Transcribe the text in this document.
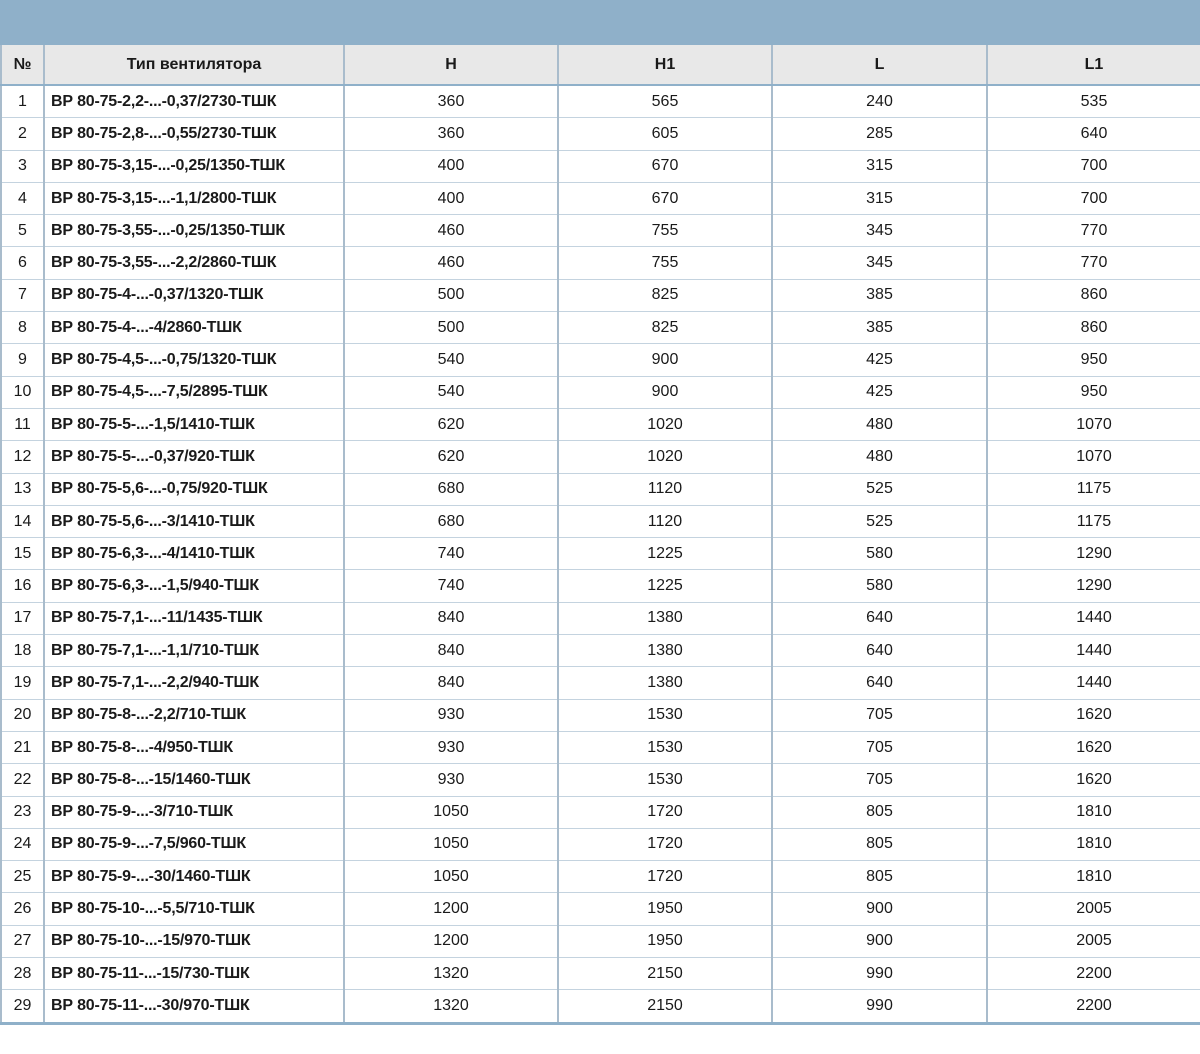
№	Тип вентилятора	H	H1	L	L1
1	ВР 80-75-2,2-...-0,37/2730-ТШК	360	565	240	535
2	ВР 80-75-2,8-...-0,55/2730-ТШК	360	605	285	640
3	ВР 80-75-3,15-...-0,25/1350-ТШК	400	670	315	700
4	ВР 80-75-3,15-...-1,1/2800-ТШК	400	670	315	700
5	ВР 80-75-3,55-...-0,25/1350-ТШК	460	755	345	770
6	ВР 80-75-3,55-...-2,2/2860-ТШК	460	755	345	770
7	ВР 80-75-4-...-0,37/1320-ТШК	500	825	385	860
8	ВР 80-75-4-...-4/2860-ТШК	500	825	385	860
9	ВР 80-75-4,5-...-0,75/1320-ТШК	540	900	425	950
10	ВР 80-75-4,5-...-7,5/2895-ТШК	540	900	425	950
11	ВР 80-75-5-...-1,5/1410-ТШК	620	1020	480	1070
12	ВР 80-75-5-...-0,37/920-ТШК	620	1020	480	1070
13	ВР 80-75-5,6-...-0,75/920-ТШК	680	1120	525	1175
14	ВР 80-75-5,6-...-3/1410-ТШК	680	1120	525	1175
15	ВР 80-75-6,3-...-4/1410-ТШК	740	1225	580	1290
16	ВР 80-75-6,3-...-1,5/940-ТШК	740	1225	580	1290
17	ВР 80-75-7,1-...-11/1435-ТШК	840	1380	640	1440
18	ВР 80-75-7,1-...-1,1/710-ТШК	840	1380	640	1440
19	ВР 80-75-7,1-...-2,2/940-ТШК	840	1380	640	1440
20	ВР 80-75-8-...-2,2/710-ТШК	930	1530	705	1620
21	ВР 80-75-8-...-4/950-ТШК	930	1530	705	1620
22	ВР 80-75-8-...-15/1460-ТШК	930	1530	705	1620
23	ВР 80-75-9-...-3/710-ТШК	1050	1720	805	1810
24	ВР 80-75-9-...-7,5/960-ТШК	1050	1720	805	1810
25	ВР 80-75-9-...-30/1460-ТШК	1050	1720	805	1810
26	ВР 80-75-10-...-5,5/710-ТШК	1200	1950	900	2005
27	ВР 80-75-10-...-15/970-ТШК	1200	1950	900	2005
28	ВР 80-75-11-...-15/730-ТШК	1320	2150	990	2200
29	ВР 80-75-11-...-30/970-ТШК	1320	2150	990	2200
